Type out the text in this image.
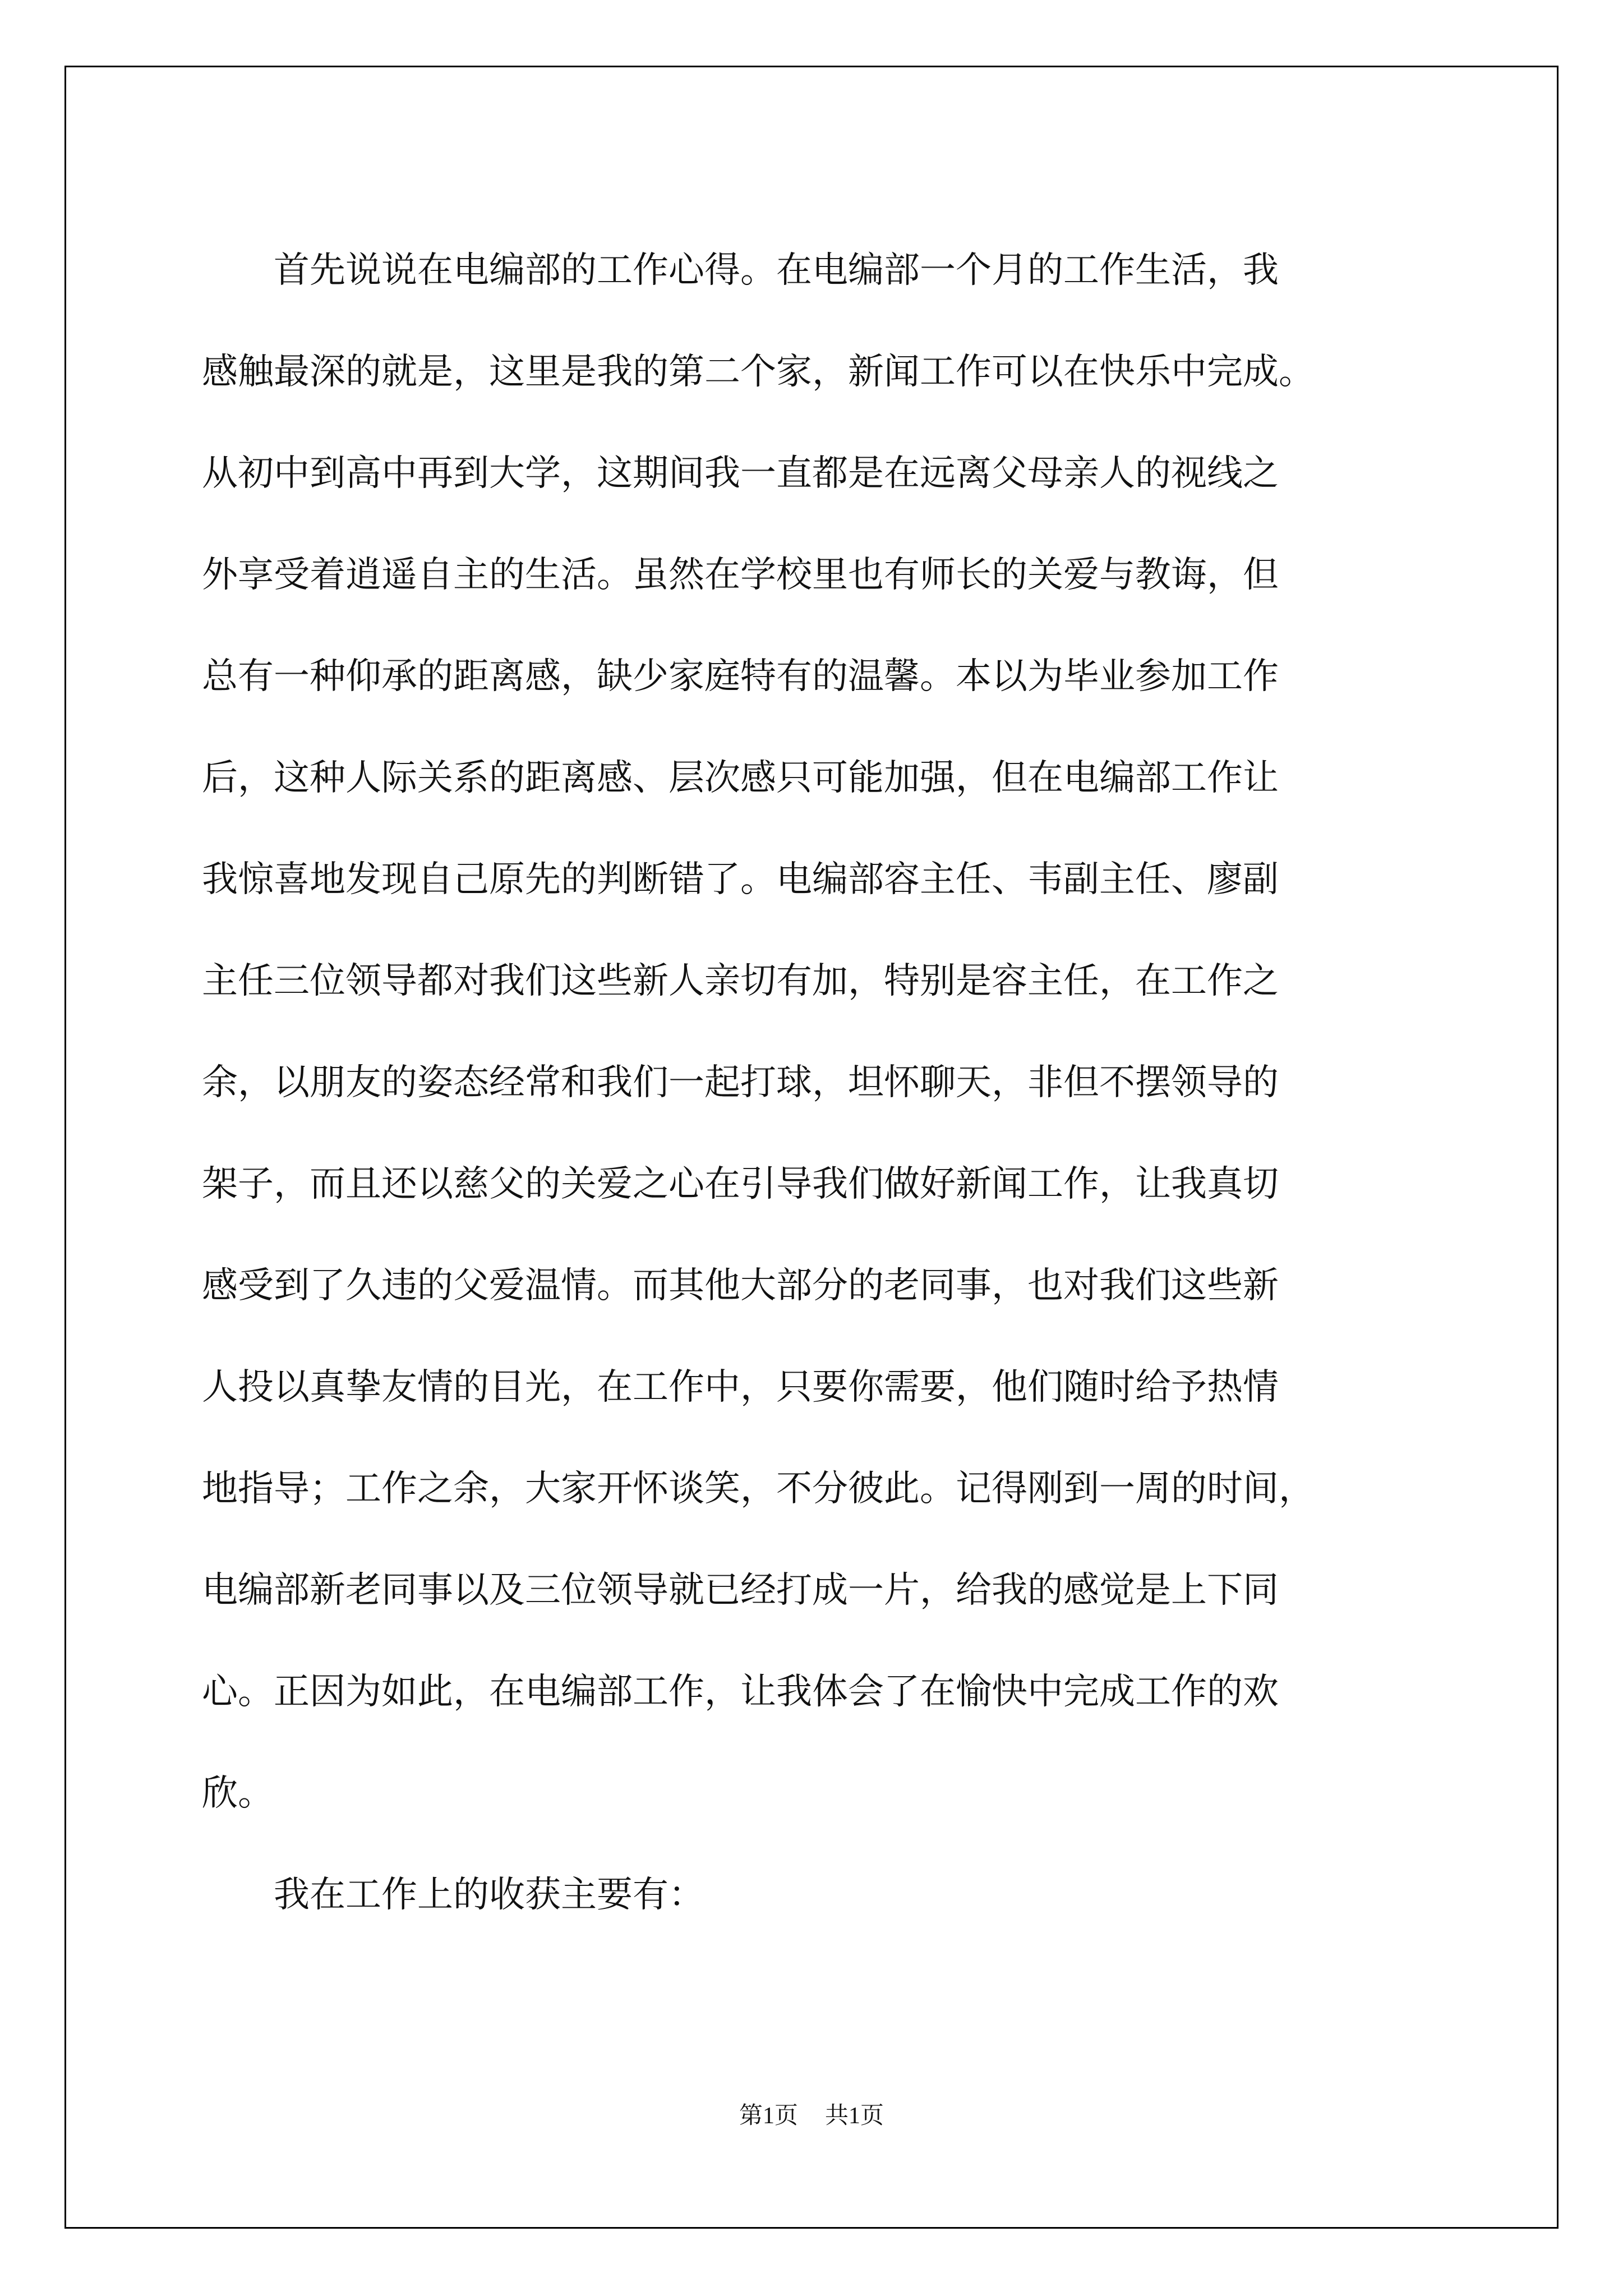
首先说说在电编部的工作心得。在电编部一个月的工作生活，我
感触最深的就是，这里是我的第二个家，新闻工作可以在快乐中完成。
从初中到高中再到大学，这期间我一直都是在远离父母亲人的视线之
外享受着逍遥自主的生活。虽然在学校里也有师长的关爱与教诲，但
总有一种仰承的距离感，缺少家庭特有的温馨。本以为毕业参加工作
后，这种人际关系的距离感、层次感只可能加强，但在电编部工作让
我惊喜地发现自己原先的判断错了。电编部容主任、韦副主任、廖副
主任三位领导都对我们这些新人亲切有加，特别是容主任，在工作之
余，以朋友的姿态经常和我们一起打球，坦怀聊天，非但不摆领导的
架子，而且还以慈父的关爱之心在引导我们做好新闻工作，让我真切
感受到了久违的父爱温情。而其他大部分的老同事，也对我们这些新
人投以真挚友情的目光，在工作中，只要你需要，他们随时给予热情
地指导；工作之余，大家开怀谈笑，不分彼此。记得刚到一周的时间，
电编部新老同事以及三位领导就已经打成一片，给我的感觉是上下同
心。正因为如此，在电编部工作，让我体会了在愉快中完成工作的欢
欣。

我在工作上的收获主要有：

第1页 共1页
